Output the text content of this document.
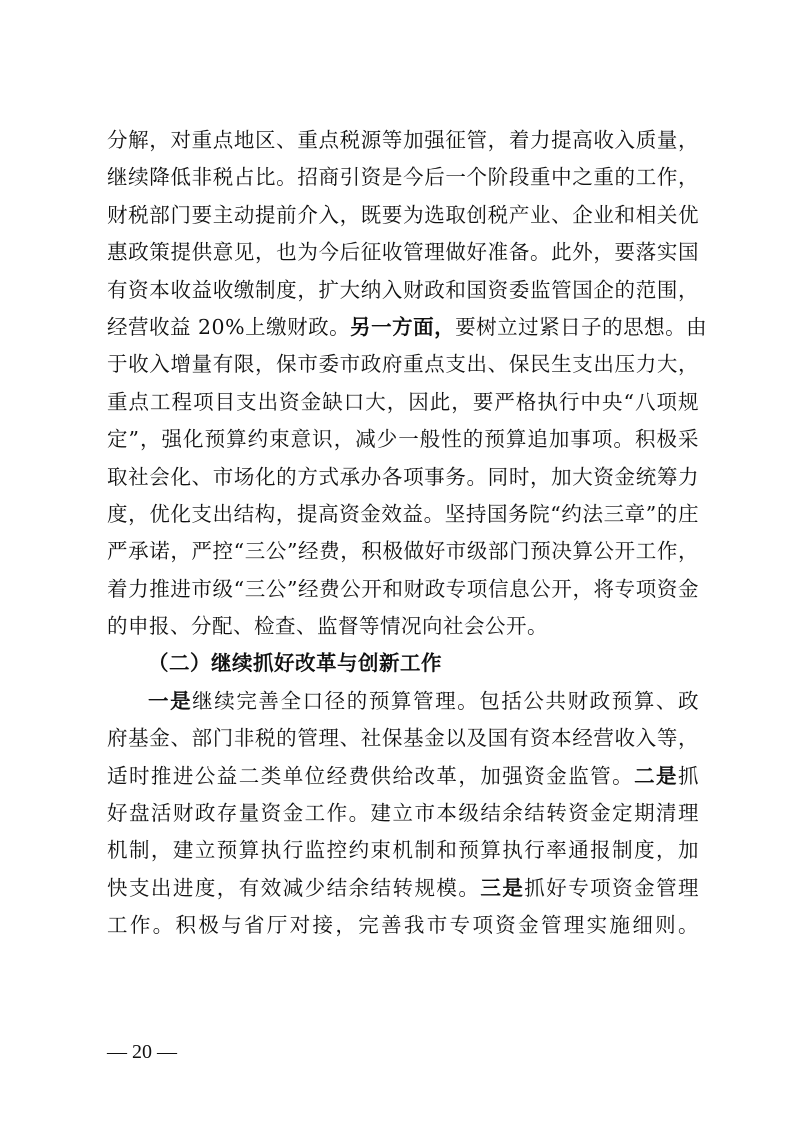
分解，对重点地区、重点税源等加强征管，着力提高收入质量，
继续降低非税占比。招商引资是今后一个阶段重中之重的工作，
财税部门要主动提前介入，既要为选取创税产业、企业和相关优
惠政策提供意见，也为今后征收管理做好准备。此外，要落实国
有资本收益收缴制度，扩大纳入财政和国资委监管国企的范围，
经营收益 20%上缴财政。另一方面，要树立过紧日子的思想。由
于收入增量有限，保市委市政府重点支出、保民生支出压力大，
重点工程项目支出资金缺口大，因此，要严格执行中央“八项规
定”，强化预算约束意识，减少一般性的预算追加事项。积极采
取社会化、市场化的方式承办各项事务。同时，加大资金统筹力
度，优化支出结构，提高资金效益。坚持国务院“约法三章”的庄
严承诺，严控“三公”经费，积极做好市级部门预决算公开工作，
着力推进市级“三公”经费公开和财政专项信息公开，将专项资金
的申报、分配、检查、监督等情况向社会公开。
（二）继续抓好改革与创新工作
一是继续完善全口径的预算管理。包括公共财政预算、政
府基金、部门非税的管理、社保基金以及国有资本经营收入等，
适时推进公益二类单位经费供给改革，加强资金监管。二是抓
好盘活财政存量资金工作。建立市本级结余结转资金定期清理
机制，建立预算执行监控约束机制和预算执行率通报制度，加
快支出进度，有效减少结余结转规模。三是抓好专项资金管理
工作。积极与省厅对接，完善我市专项资金管理实施细则。
— 20 —
